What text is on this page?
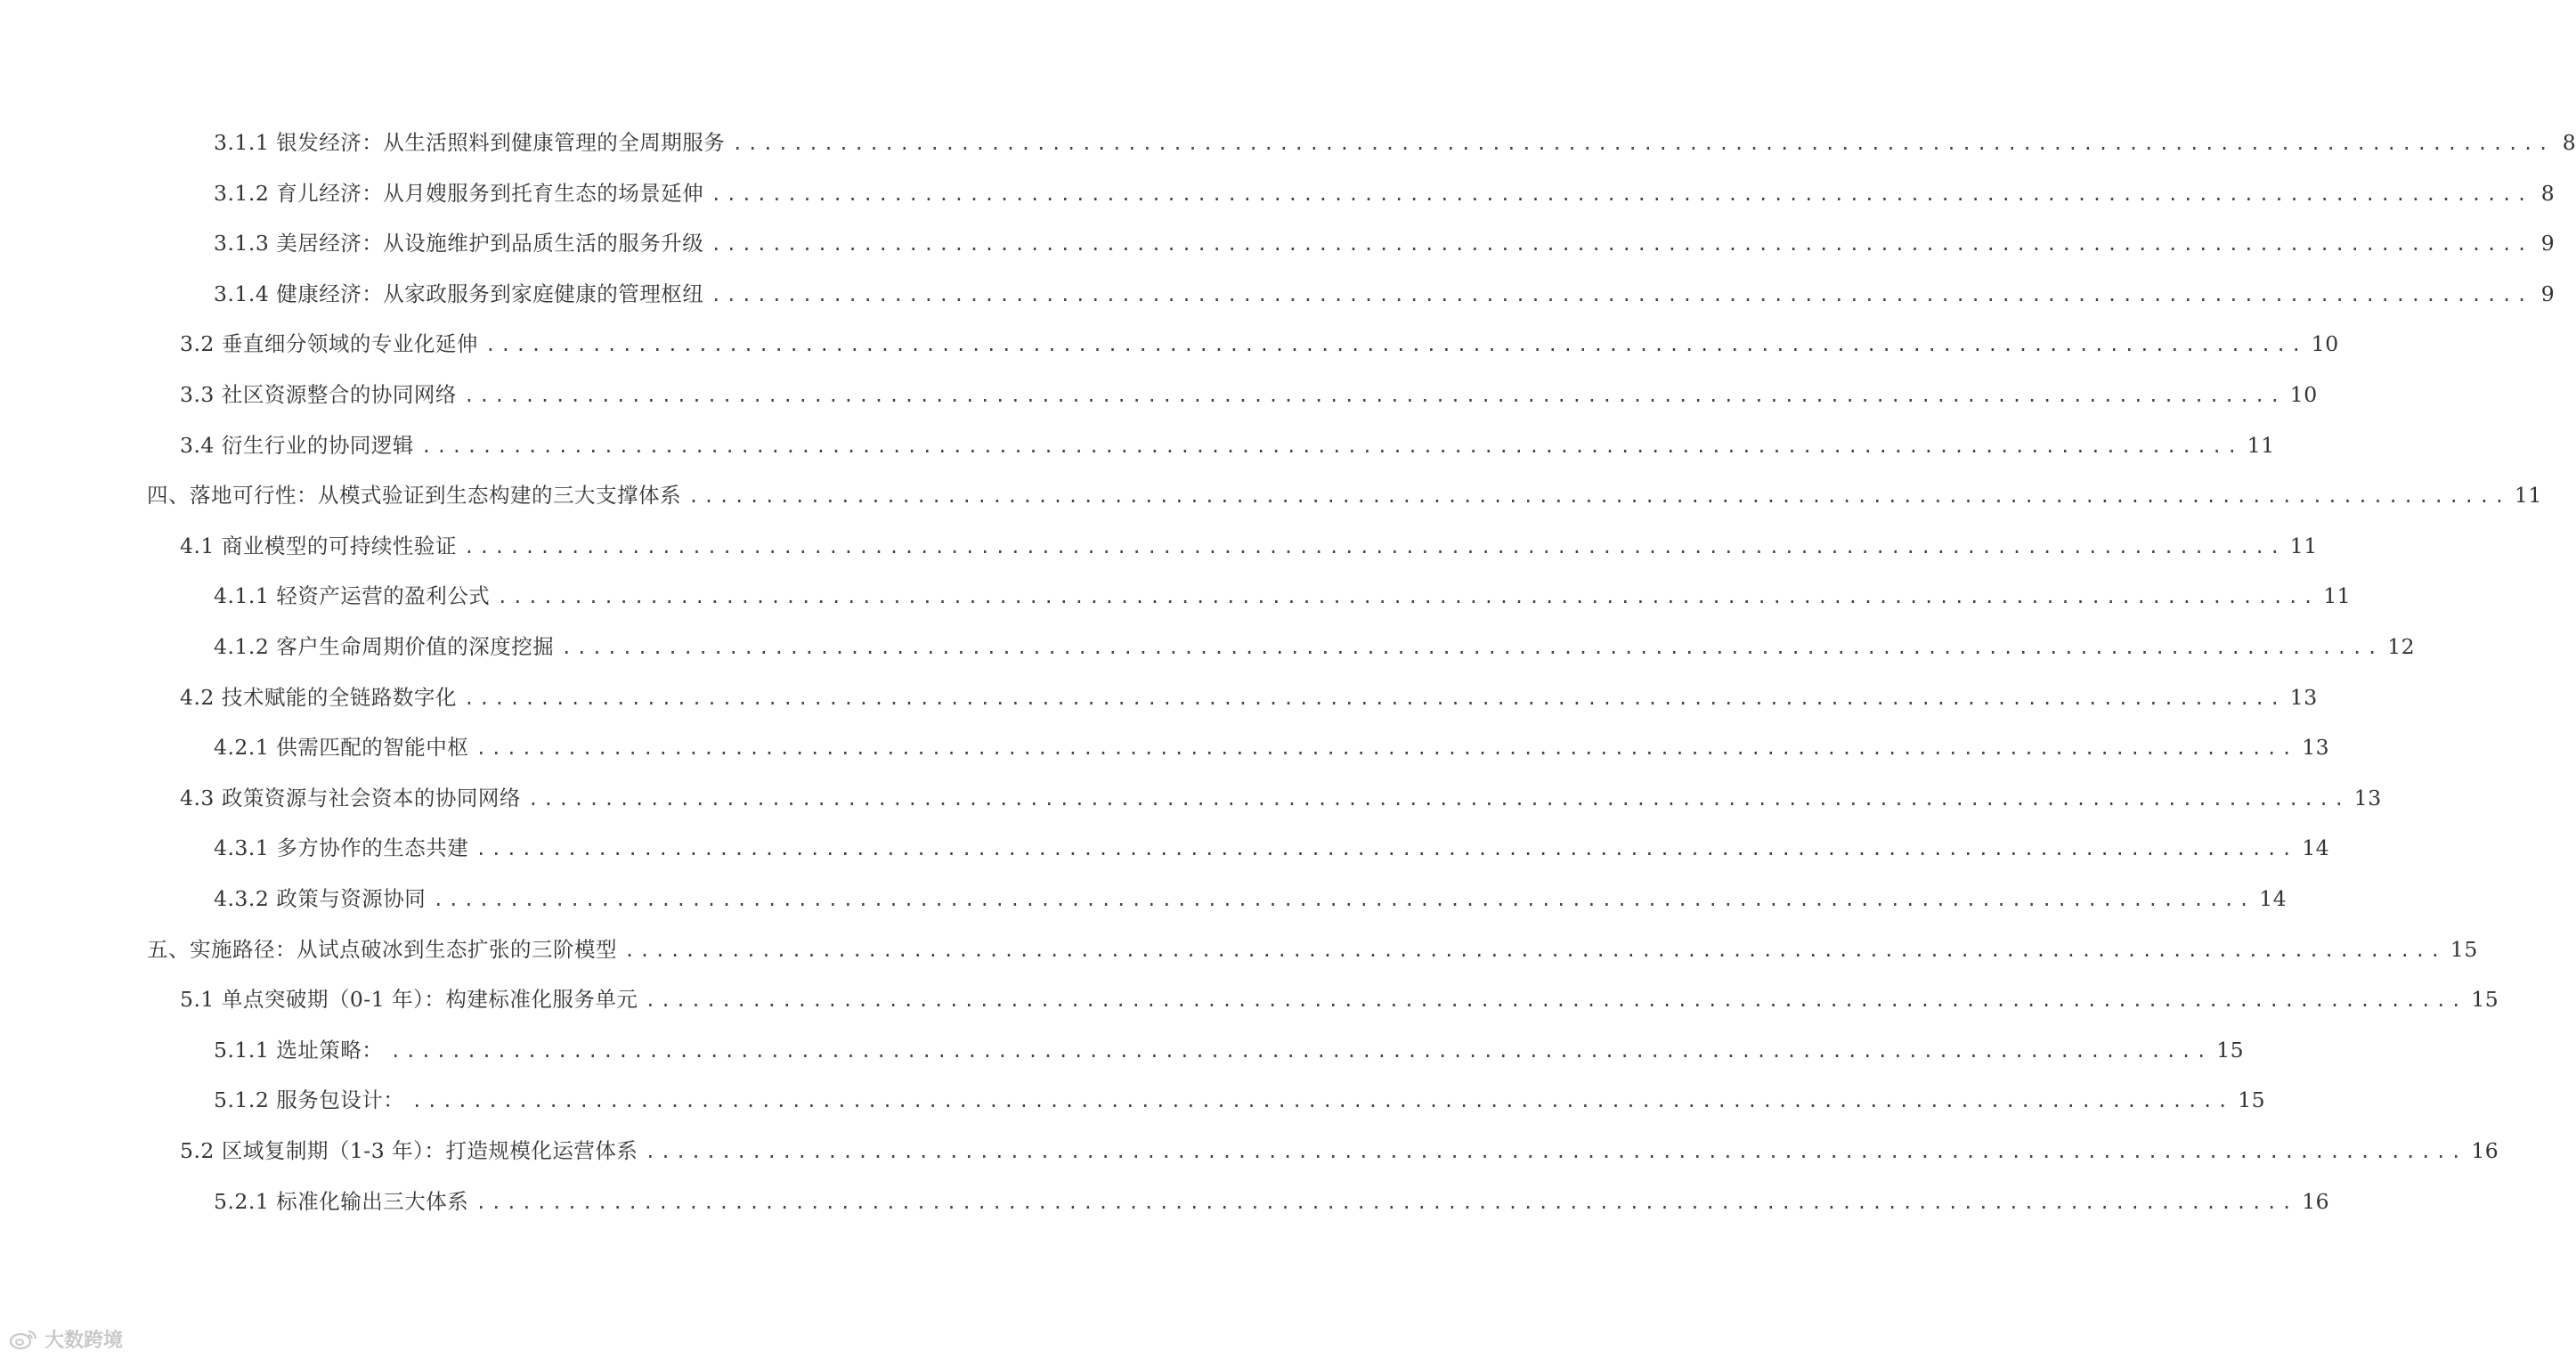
3.1.1 银发经济：从生活照料到健康管理的全周期服务 ........................................................................................................................ 8
3.1.2 育儿经济：从月嫂服务到托育生态的场景延伸 ........................................................................................................................ 8
3.1.3 美居经济：从设施维护到品质生活的服务升级 ........................................................................................................................ 9
3.1.4 健康经济：从家政服务到家庭健康的管理枢纽 ........................................................................................................................ 9
3.2 垂直细分领域的专业化延伸 ........................................................................................................................ 10
3.3 社区资源整合的协同网络 ........................................................................................................................ 10
3.4 衍生行业的协同逻辑 ........................................................................................................................ 11
四、落地可行性：从模式验证到生态构建的三大支撑体系 ........................................................................................................................ 11
4.1 商业模型的可持续性验证 ........................................................................................................................ 11
4.1.1 轻资产运营的盈利公式 ........................................................................................................................ 11
4.1.2 客户生命周期价值的深度挖掘 ........................................................................................................................ 12
4.2 技术赋能的全链路数字化 ........................................................................................................................ 13
4.2.1 供需匹配的智能中枢 ........................................................................................................................ 13
4.3 政策资源与社会资本的协同网络 ........................................................................................................................ 13
4.3.1 多方协作的生态共建 ........................................................................................................................ 14
4.3.2 政策与资源协同 ........................................................................................................................ 14
五、实施路径：从试点破冰到生态扩张的三阶模型 ........................................................................................................................ 15
5.1 单点突破期（0-1 年）：构建标准化服务单元 ........................................................................................................................ 15
5.1.1 选址策略： ........................................................................................................................ 15
5.1.2 服务包设计： ........................................................................................................................ 15
5.2 区域复制期（1-3 年）：打造规模化运营体系 ........................................................................................................................ 16
5.2.1 标准化输出三大体系 ........................................................................................................................ 16
大数跨境
